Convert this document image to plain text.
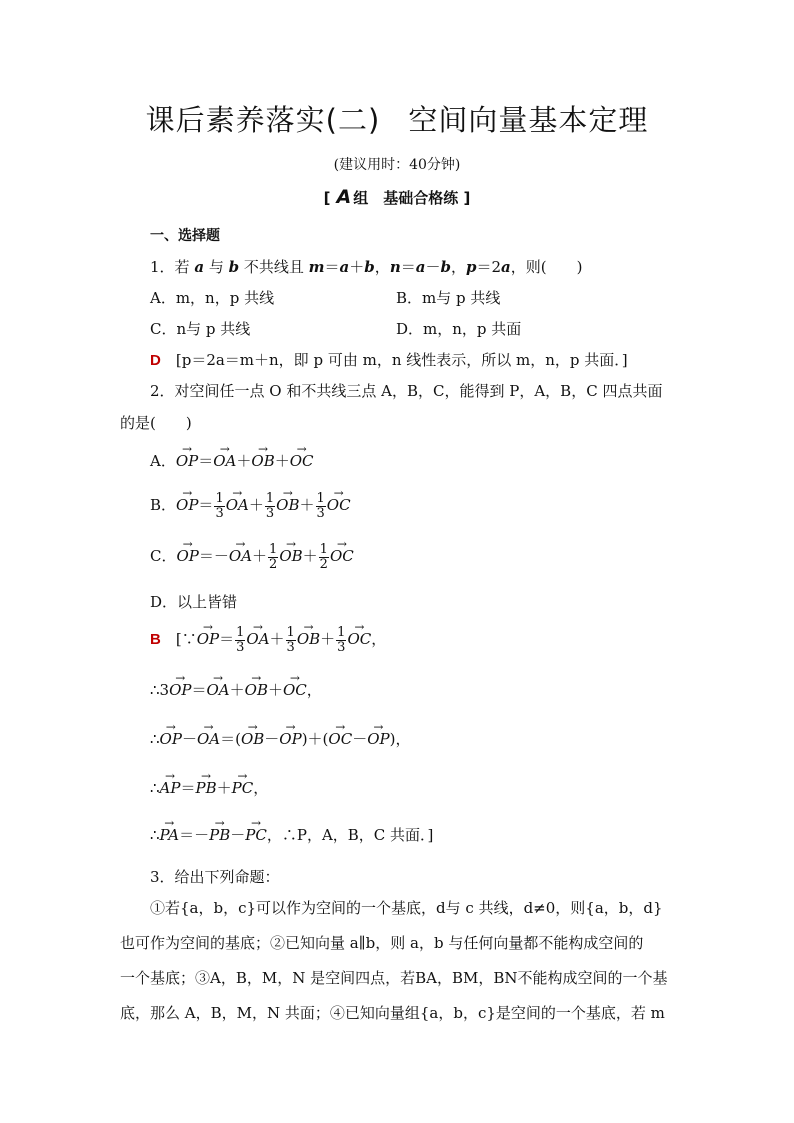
课后素养落实(二) 空间向量基本定理
(建议用时：40分钟)
[ A 组　基础合格练 ]
一、选择题
1．若 a 与 b 不共线且 m＝a＋b，n＝a－b，p＝2a，则(　　)
A．m，n，p 共线	B．m与 p 共线
C．n与 p 共线	D．m，n，p 共面
D　 [p＝2a＝m＋n，即 p 可由 m，n 线性表示，所以 m，n，p 共面．]
2．对空间任一点 O 和不共线三点 A，B，C，能得到 P，A，B，C 四点共面
的是(　　)
A．→ OP＝→ OA＋→ OB＋→ OC
B．→ $OP= \frac{1}{3}$
→ $OA+ \frac{1}{3}$
→ $OB+ \frac{1}{3}$
→ OC
C．→ $OP=-\to OA+ \frac{1}{2}$
→ $OB+ \frac{1}{2}$
→ OC
D．以上皆错
B　[∵→ $OP= \frac{1}{3}$
→ $OA+ \frac{1}{3}$
→ $OB+ \frac{1}{3}$
→ OC，
∴3→ OP＝→ OA＋→ OB＋→ OC，
∴→ OP－→ OA＝(→ OB－→ OP)＋(→ OC－→ OP)，
∴→ AP＝→ PB＋→ PC，
∴→ PA＝－→ PB－→ PC，∴P，A，B，C 共面．]
3．给出下列命题：
①若{a，b，c}可以作为空间的一个基底，d与 c 共线，d≠0，则{a，b，d}
也可作为空间的基底；②已知向量 a∥b，则 a，b 与任何向量都不能构成空间的
一个基底；③A，B，M，N 是空间四点，若BA，BM，BN不能构成空间的一个基
底，那么 A，B，M，N 共面；④已知向量组{a，b，c}是空间的一个基底，若 m
